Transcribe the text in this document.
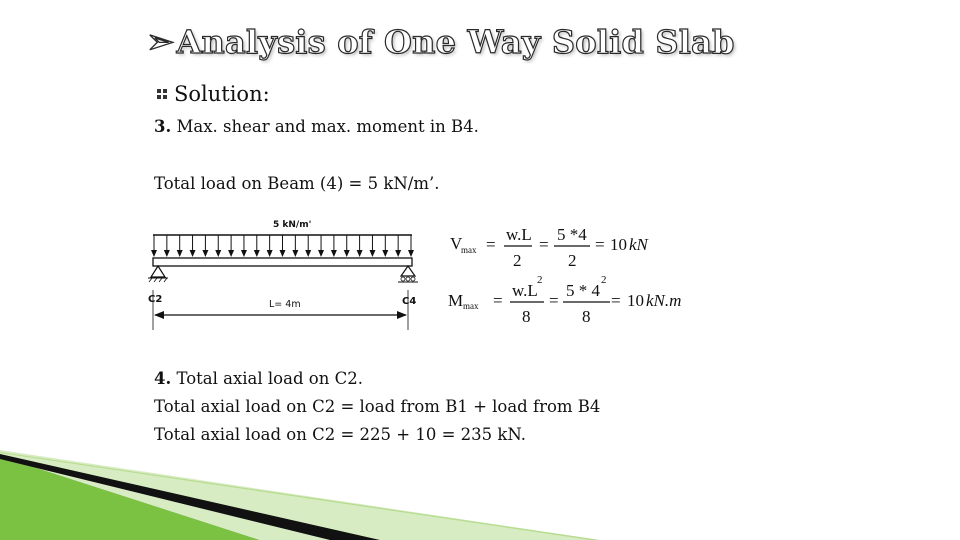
➢ Analysis of One Way Solid Slab
Solution:
3. Max. shear and max. moment in B4.
Total load on Beam (4) = 5 kN/m’.
5 kN/m'
C2	C4
L= 4m
V
max =
w.L
2
=
5 *4
2
= 10 kN
M max =
w.L
2
8
=
5 * 4
2
8
= 10 kN.m
4. Total axial load on C2.
Total axial load on C2 = load from B1 + load from B4
Total axial load on C2 = 225 + 10 = 235 kN.
